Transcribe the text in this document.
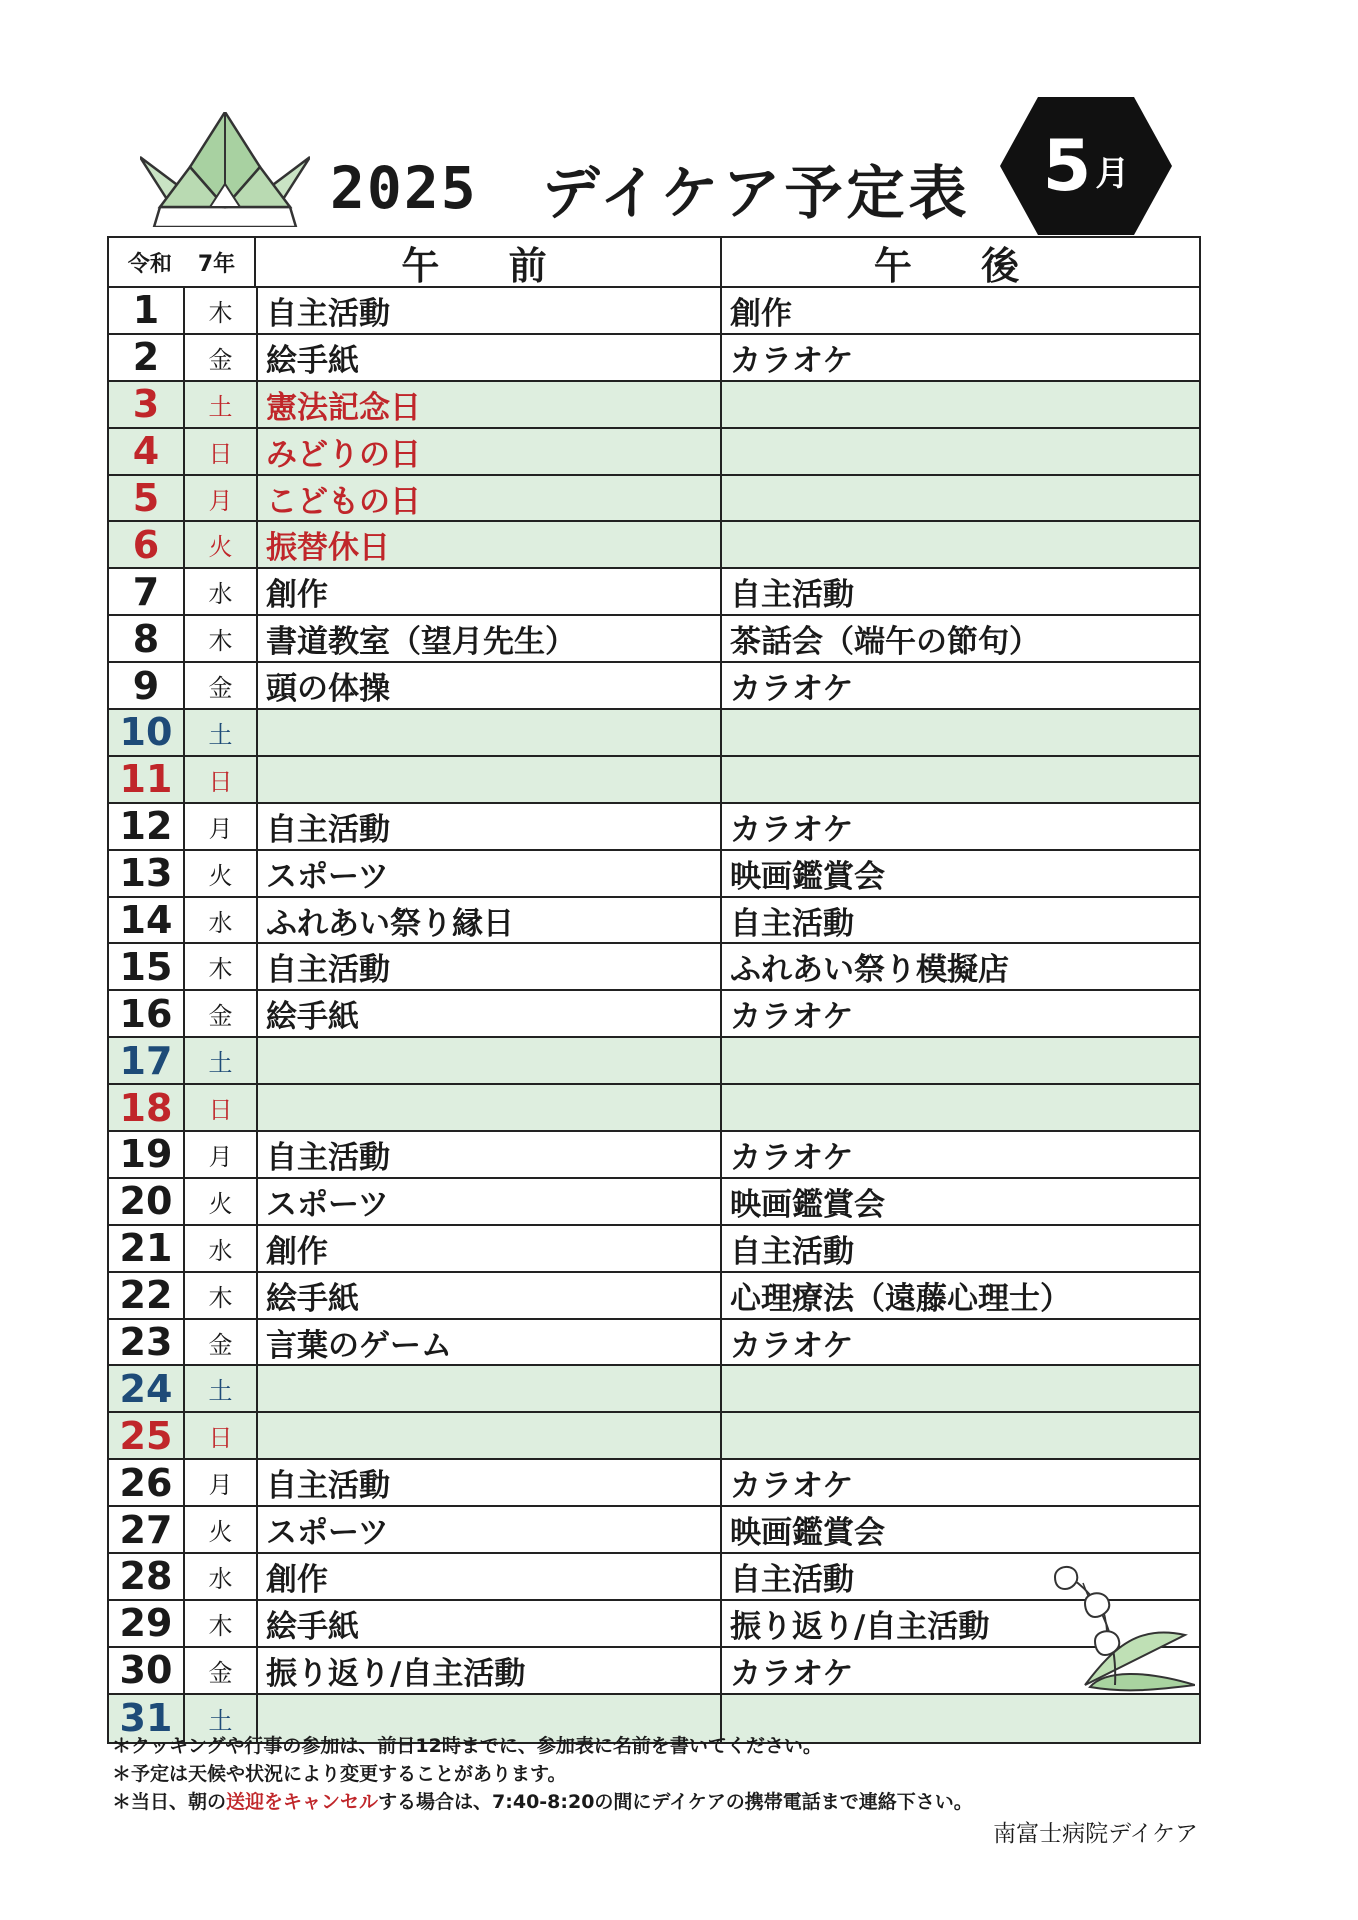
2025 デイケア予定表 5 月
令和 7年	午 前	午 後
1	木	自主活動	創作
2	金	絵手紙	カラオケ
3	土	憲法記念日
4	日	みどりの日
5	月	こどもの日
6	火	振替休日
7	水	創作	自主活動
8	木	書道教室（望月先生）	茶話会（端午の節句）
9	金	頭の体操	カラオケ
10	土
11	日
12	月	自主活動	カラオケ
13	火	スポーツ	映画鑑賞会
14	水	ふれあい祭り縁日	自主活動
15	木	自主活動	ふれあい祭り模擬店
16	金	絵手紙	カラオケ
17	土
18	日
19	月	自主活動	カラオケ
20	火	スポーツ	映画鑑賞会
21	水	創作	自主活動
22	木	絵手紙	心理療法（遠藤心理士）
23	金	言葉のゲーム	カラオケ
24	土
25	日
26	月	自主活動	カラオケ
27	火	スポーツ	映画鑑賞会
28	水	創作	自主活動
29	木	絵手紙	振り返り/自主活動
30	金	振り返り/自主活動	カラオケ
31	土
＊クッキングや行事の参加は、前日12時までに、参加表に名前を書いてください。
＊予定は天候や状況により変更することがあります。
＊当日、朝の送迎をキャンセルする場合は、7:40-8:20の間にデイケアの携帯電話まで連絡下さい。
南富士病院デイケア
